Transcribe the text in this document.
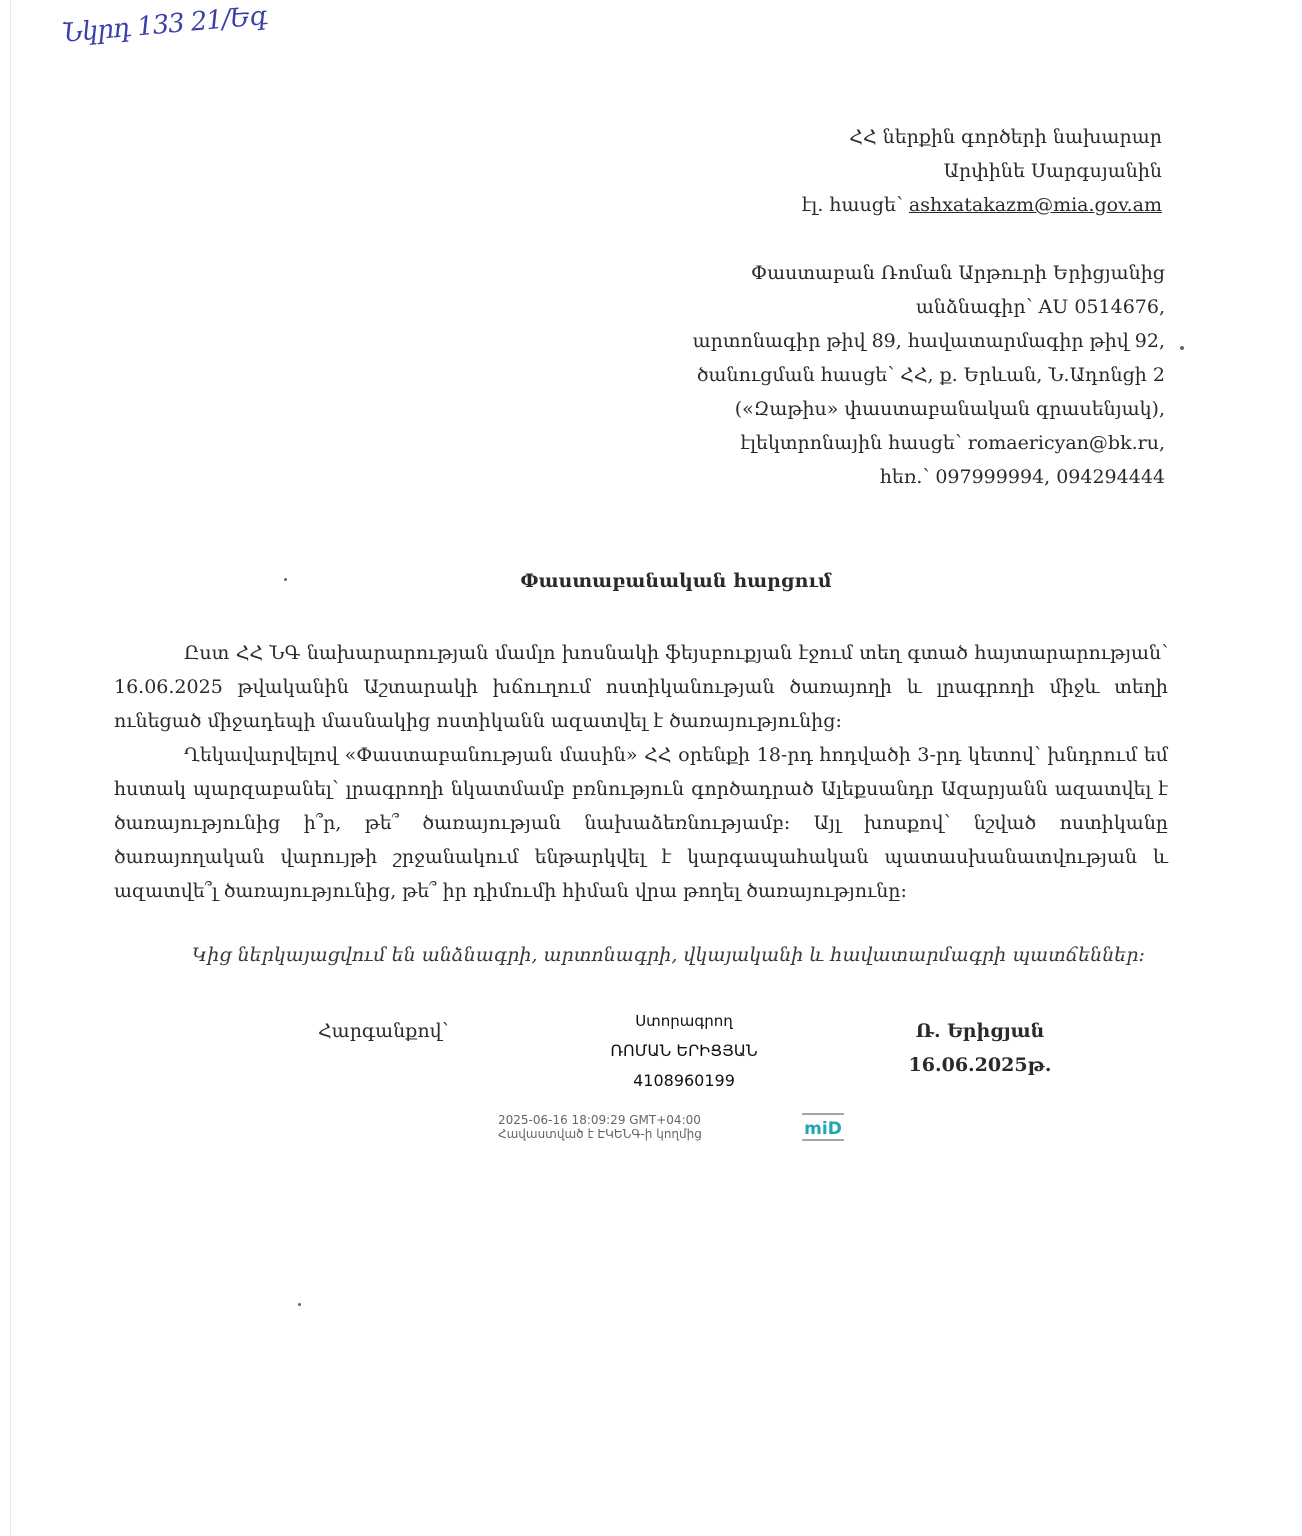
Նկրդ 133 21/Եգ
ՀՀ ներքին գործերի նախարար
Արփինե Սարգսյանին
էլ. հասցե՝ ashxatakazm@mia.gov.am
Փաստաբան Ռոման Արթուրի Երիցյանից
անձնագիր՝ AU 0514676,
արտոնագիր թիվ 89, հավատարմագիր թիվ 92,
ծանուցման հասցե՝ ՀՀ, ք. Երևան, Ն.Ադոնցի 2
(«Զաթիս» փաստաբանական գրասենյակ),
էլեկտրոնային հասցե՝ romaericyan@bk.ru,
հեռ.՝ 097999994, 094294444
Փաստաբանական հարցում

Ըստ ՀՀ ՆԳ նախարարության մամլո խոսնակի ֆեյսբուքյան էջում տեղ գտած հայտարարության՝ 16.06.2025 թվականին Աշտարակի խճուղում ոստիկանության ծառայողի և լրագրողի միջև տեղի ունեցած միջադեպի մասնակից ոստիկանն ազատվել է ծառայությունից:

Ղեկավարվելով «Փաստաբանության մասին» ՀՀ օրենքի 18-րդ հոդվածի 3-րդ կետով՝ խնդրում եմ հստակ պարզաբանել՝ լրագրողի նկատմամբ բռնություն գործադրած Ալեքսանդր Ազարյանն ազատվել է ծառայությունից ի՞ր, թե՞ ծառայության նախաձեռնությամբ: Այլ խոսքով՝ նշված ոստիկանը ծառայողական վարույթի շրջանակում ենթարկվել է կարգապահական պատասխանատվության և ազատվե՞լ ծառայությունից, թե՞ իր դիմումի հիման վրա թողել ծառայությունը:

Կից ներկայացվում են անձնագրի, արտոնագրի, վկայականի և հավատարմագրի պատճեններ:
Հարգանքով՝	Ստորագրող
ՌՈՄԱՆ ԵՐԻՑՅԱՆ
4108960199
Ռ. Երիցյան
16.06.2025թ.
2025-06-16 18:09:29 GMT+04:00
Հավաստված է ԷԿԵՆԳ-ի կողմից	miD
